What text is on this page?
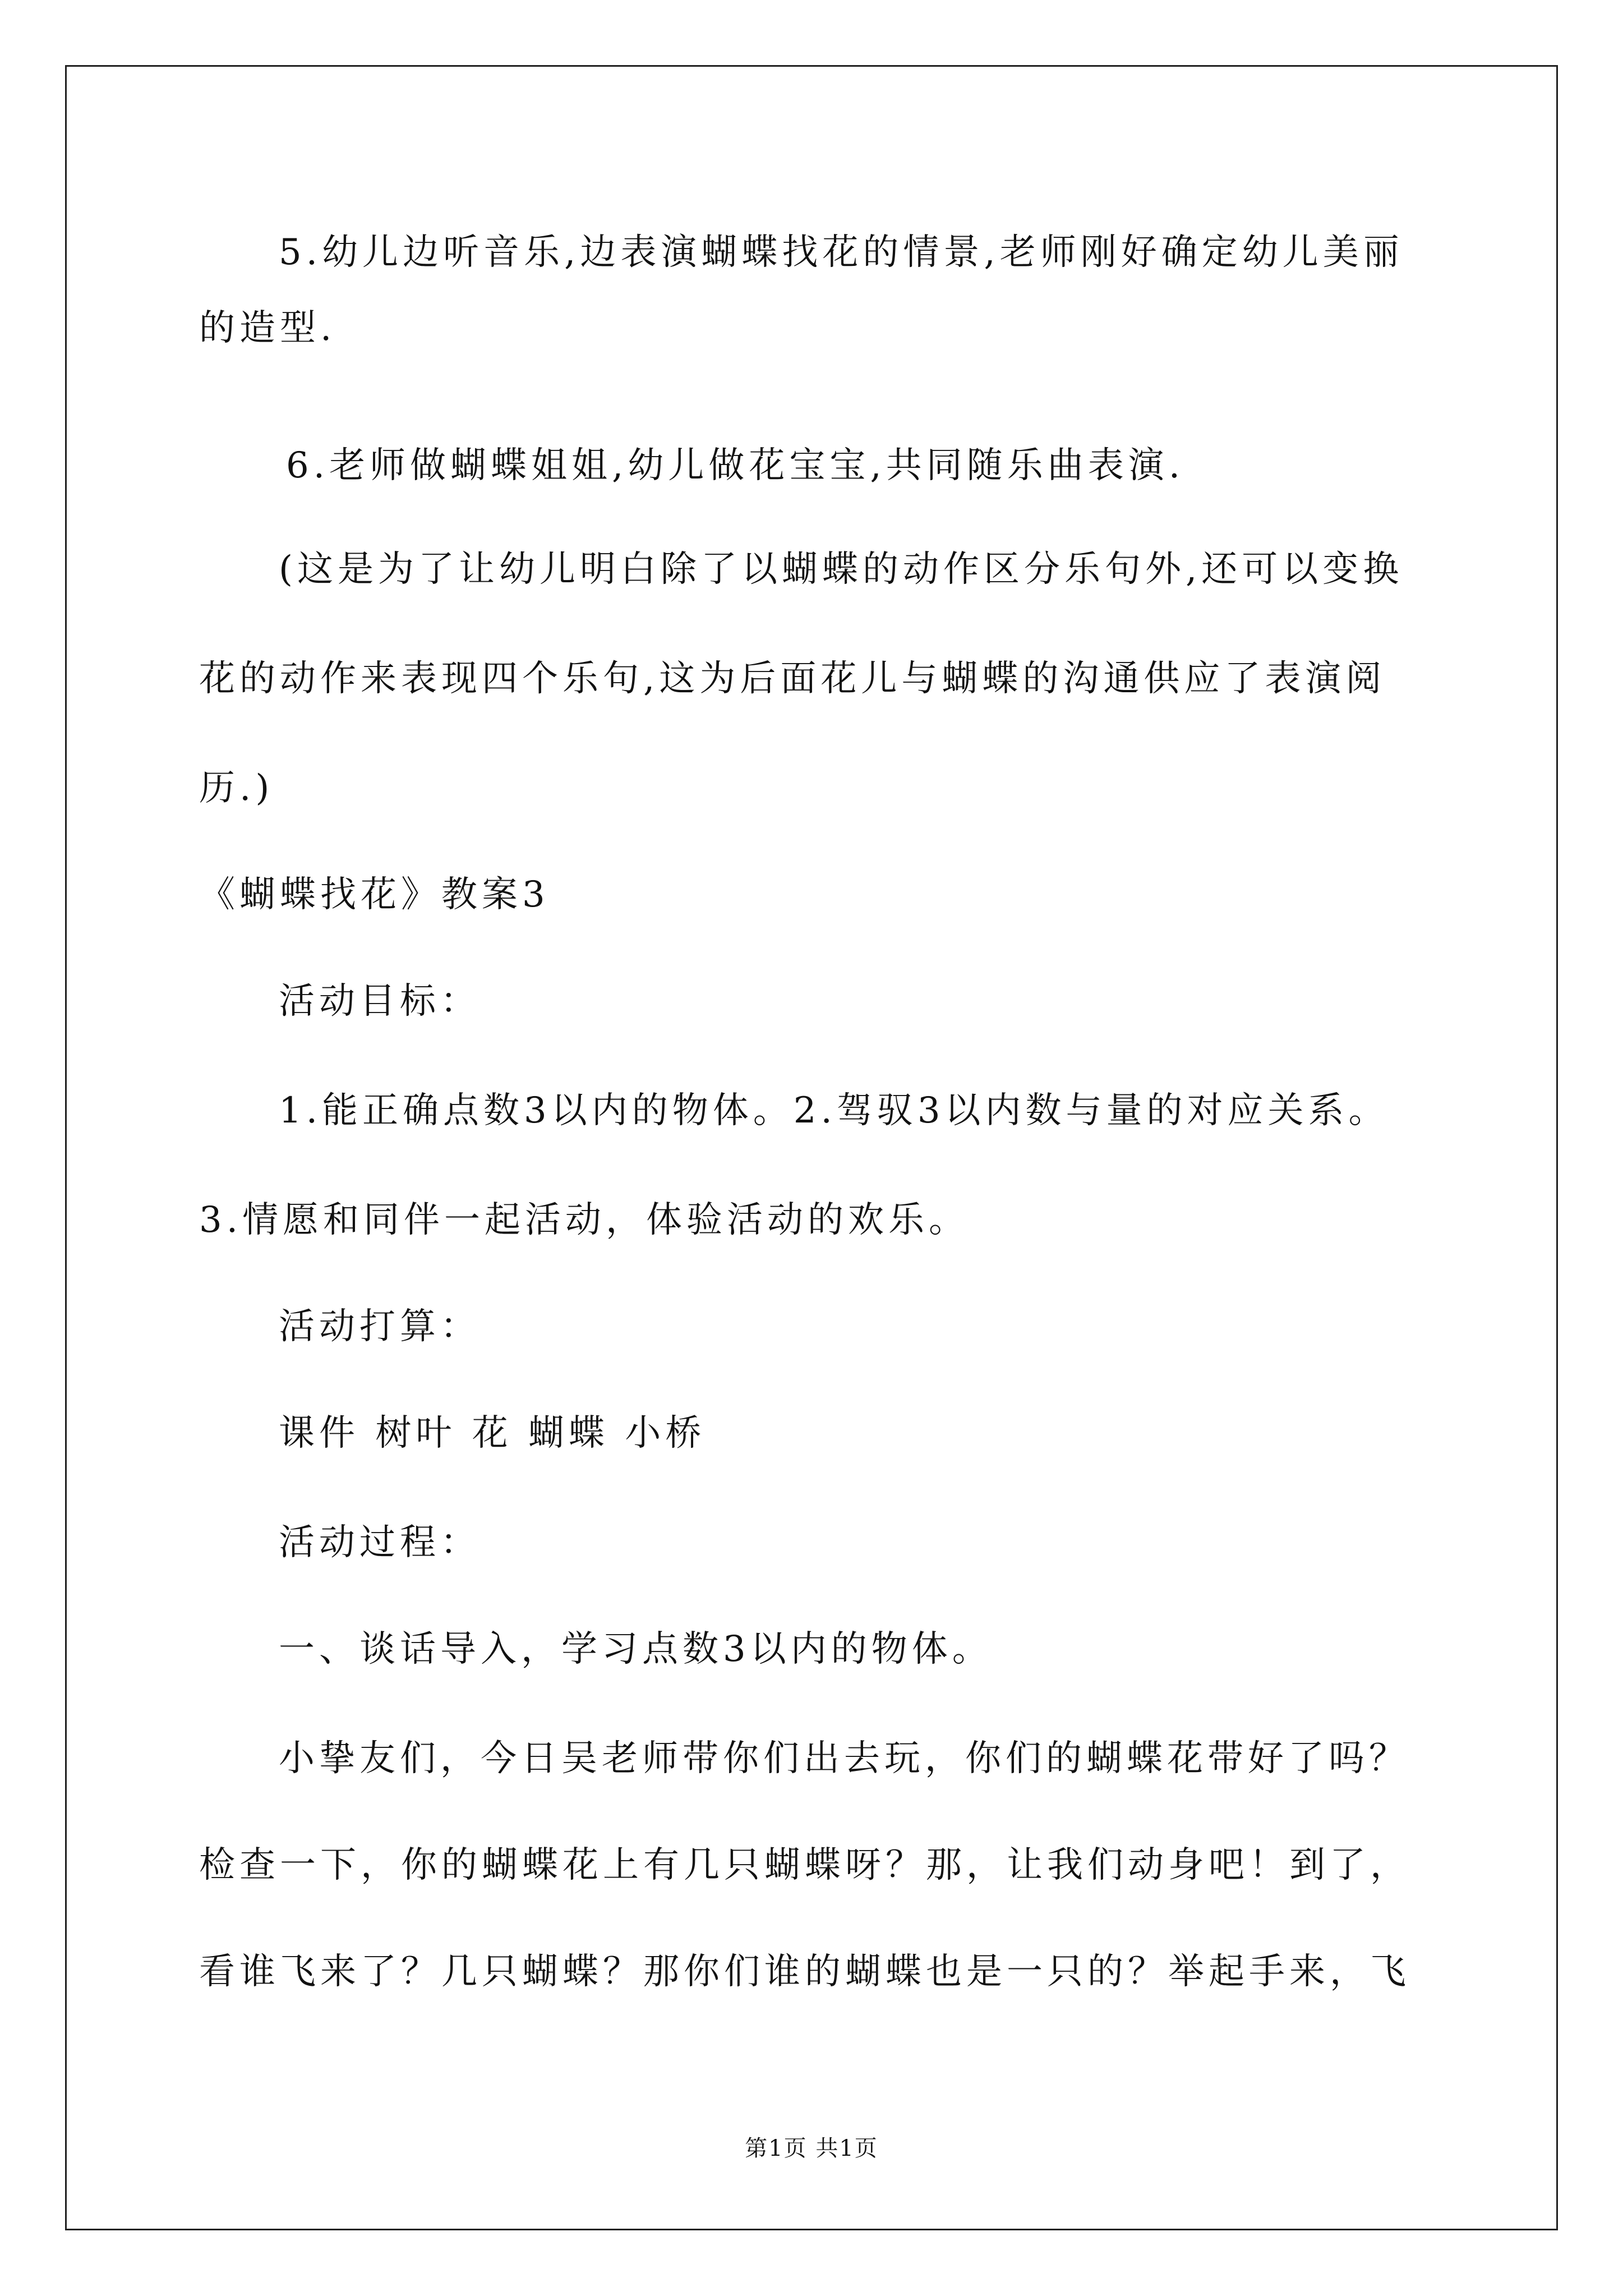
5.幼儿边听音乐,边表演蝴蝶找花的情景,老师刚好确定幼儿美丽
的造型.
6.老师做蝴蝶姐姐,幼儿做花宝宝,共同随乐曲表演.
(这是为了让幼儿明白除了以蝴蝶的动作区分乐句外,还可以变换
花的动作来表现四个乐句,这为后面花儿与蝴蝶的沟通供应了表演阅
历.)
《蝴蝶找花》教案3
活动目标：
1.能正确点数3以内的物体。2.驾驭3以内数与量的对应关系。
3.情愿和同伴一起活动，体验活动的欢乐。
活动打算：
课件 树叶 花 蝴蝶 小桥
活动过程：
一、谈话导入，学习点数3以内的物体。
小挚友们，今日吴老师带你们出去玩，你们的蝴蝶花带好了吗？
检查一下，你的蝴蝶花上有几只蝴蝶呀？那，让我们动身吧！到了，
看谁飞来了？几只蝴蝶？那你们谁的蝴蝶也是一只的？举起手来，飞
第1页 共1页
